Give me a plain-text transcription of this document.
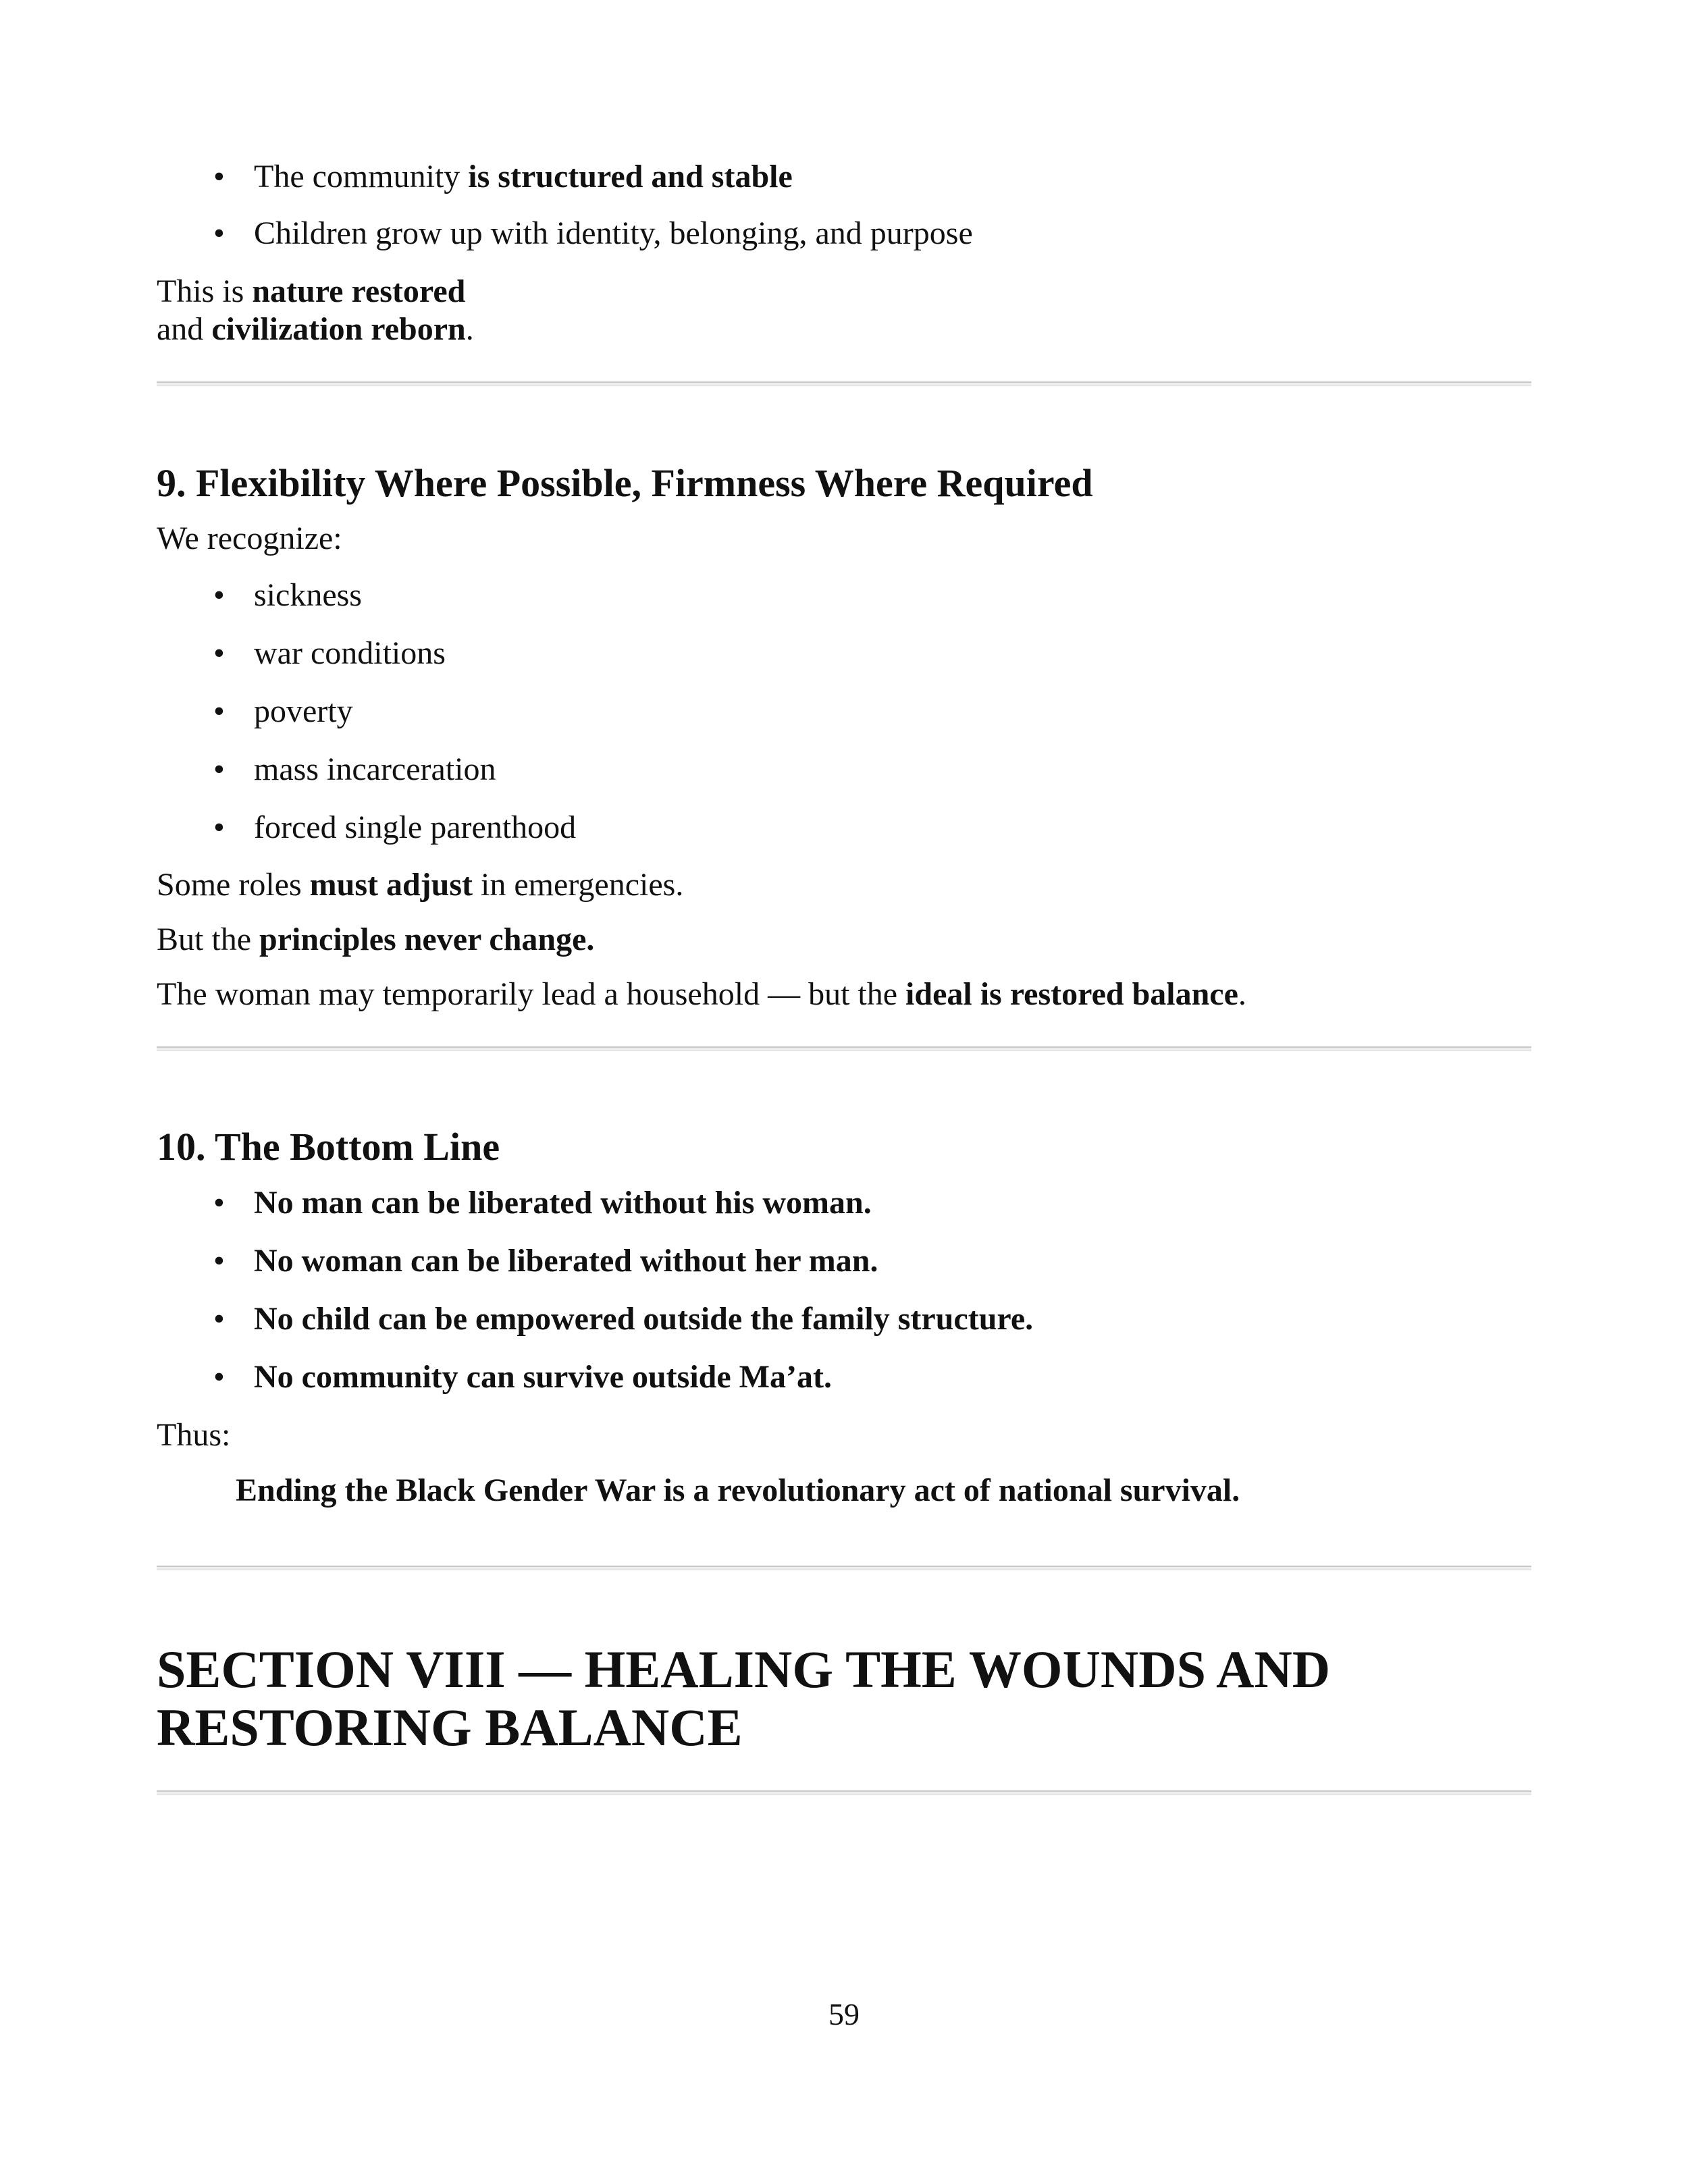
• The community is structured and stable
• Children grow up with identity, belonging, and purpose
This is nature restored
and civilization reborn.
9. Flexibility Where Possible, Firmness Where Required
We recognize:
• sickness
• war conditions
• poverty
• mass incarceration
• forced single parenthood
Some roles must adjust in emergencies.
But the principles never change.
The woman may temporarily lead a household — but the ideal is restored balance.
10. The Bottom Line
• No man can be liberated without his woman.
• No woman can be liberated without her man.
• No child can be empowered outside the family structure.
• No community can survive outside Ma’at.
Thus:
Ending the Black Gender War is a revolutionary act of national survival.
SECTION VIII — HEALING THE WOUNDS AND
RESTORING BALANCE
59
